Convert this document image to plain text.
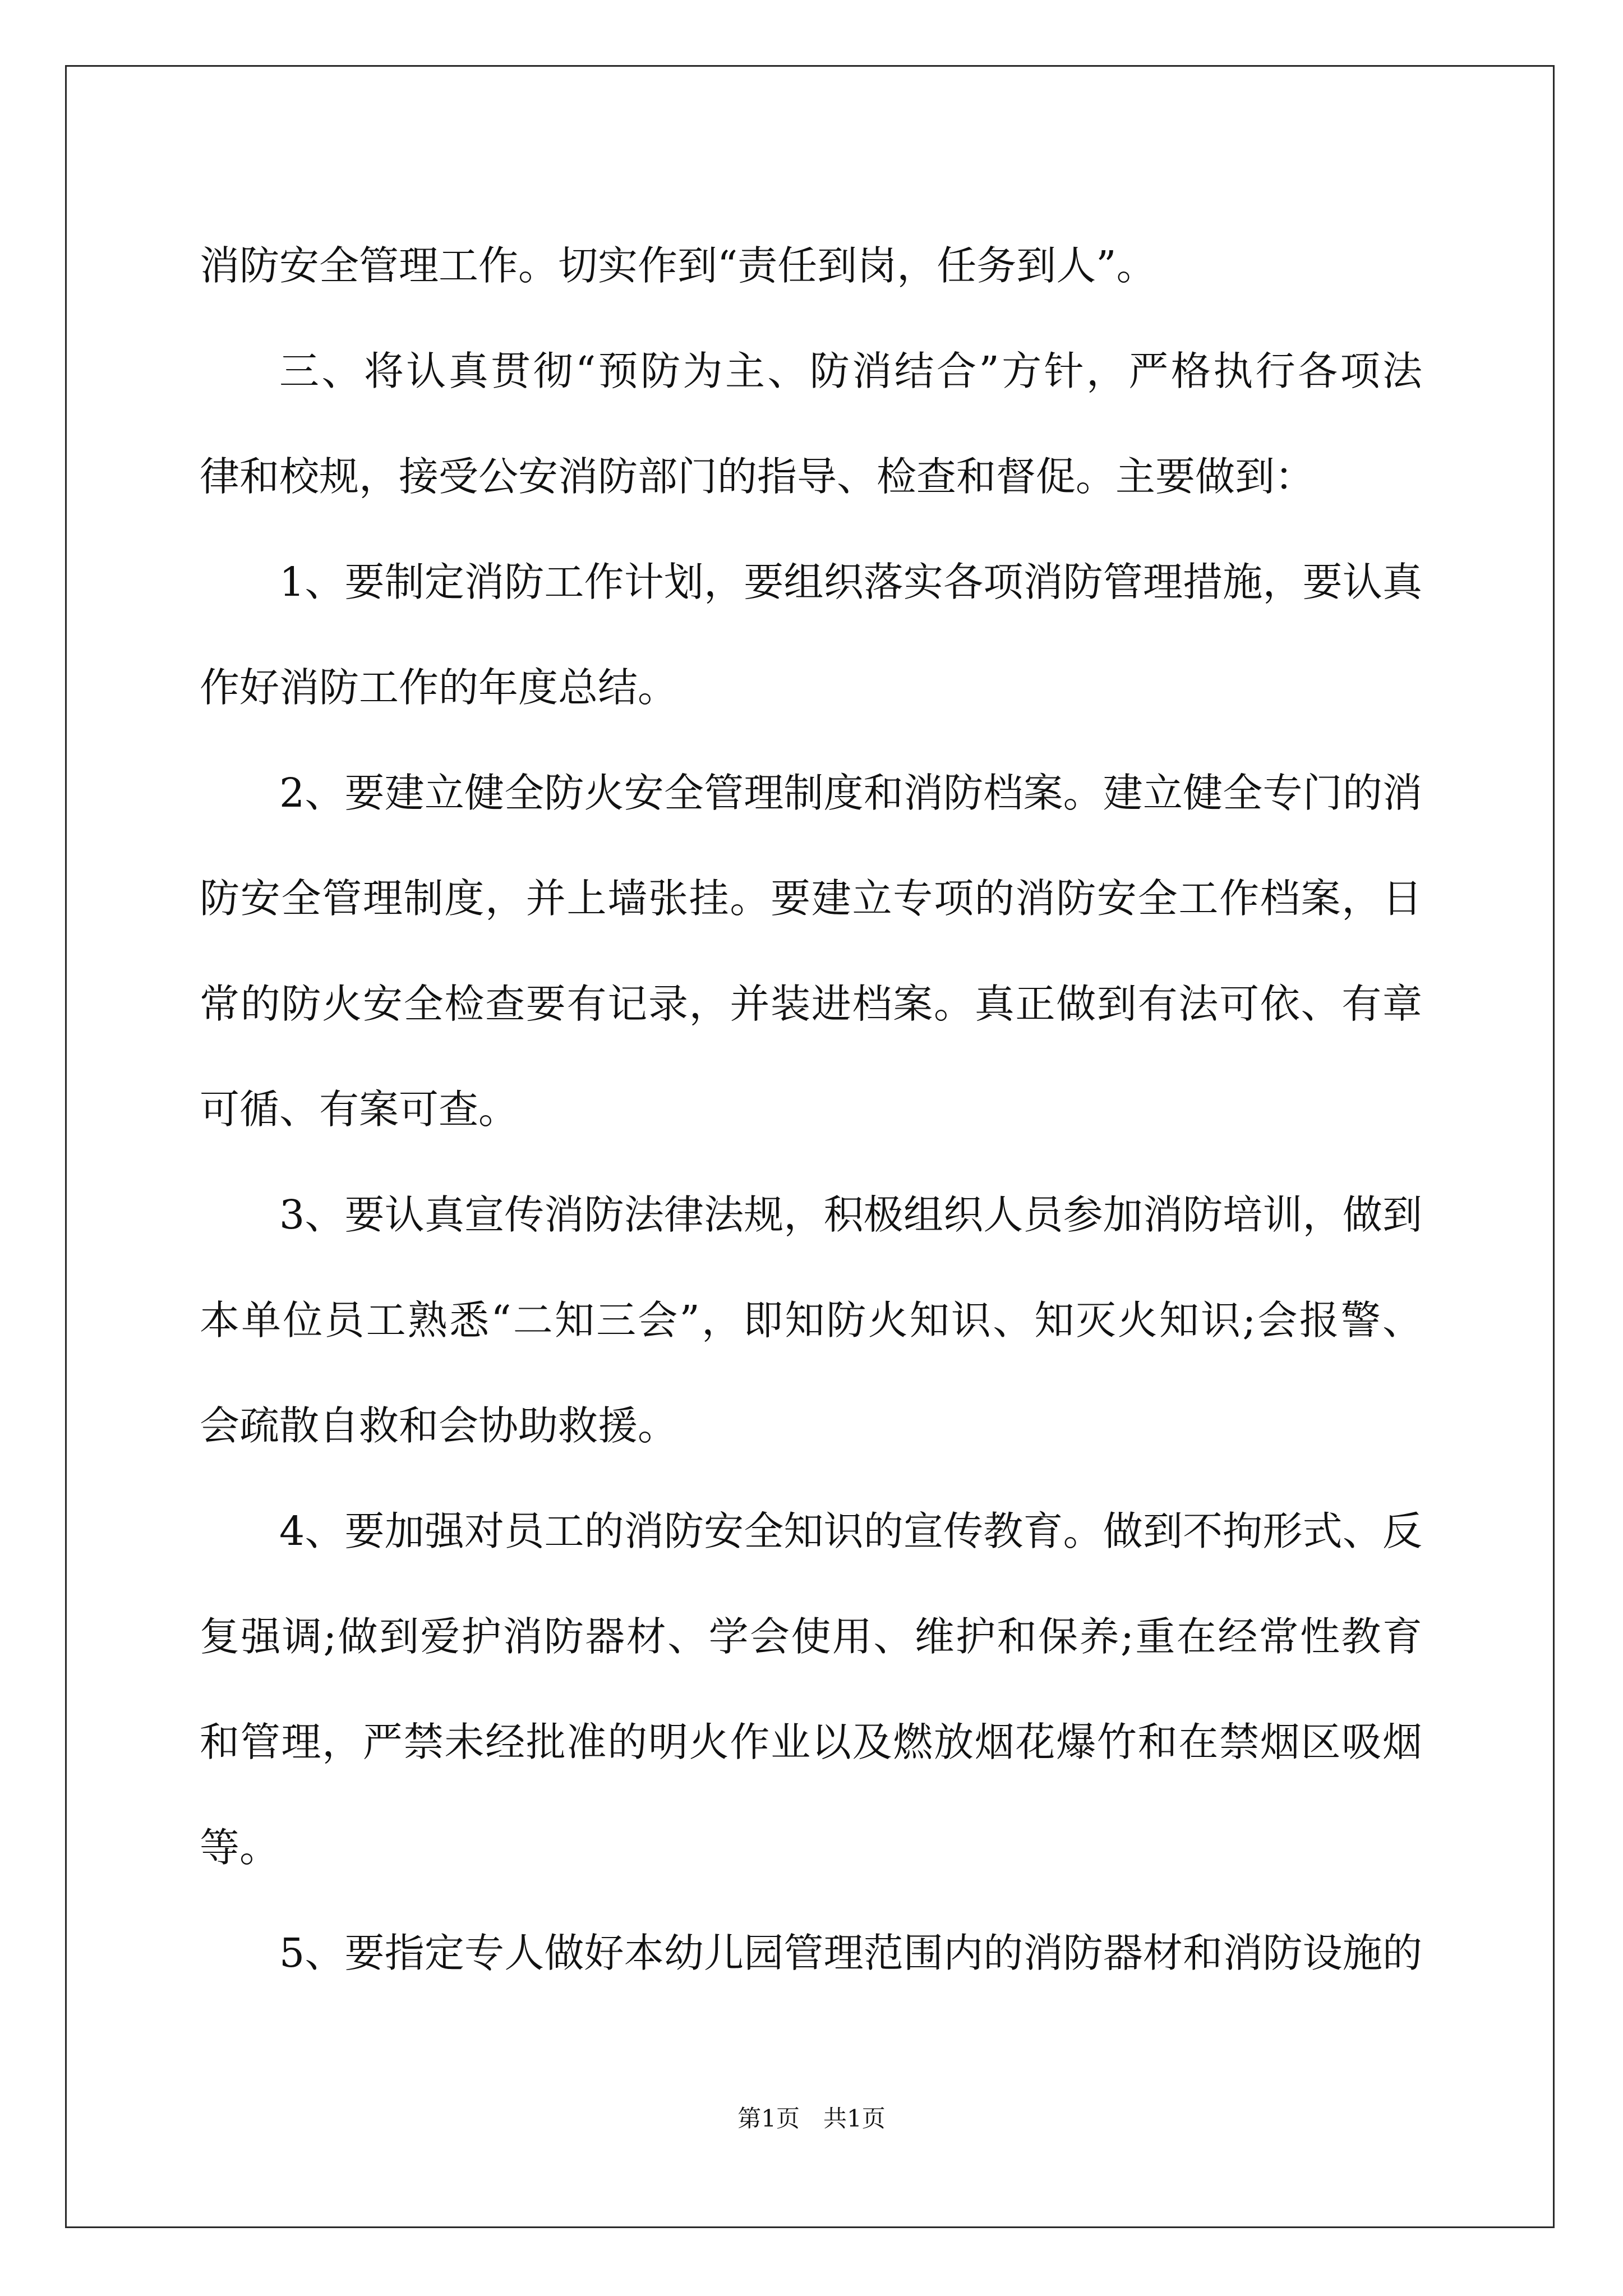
消防安全管理工作。切实作到“责任到岗，任务到人”。
三、将认真贯彻“预防为主、防消结合”方针，严格执行各项法
律和校规，接受公安消防部门的指导、检查和督促。主要做到：
1、要制定消防工作计划，要组织落实各项消防管理措施，要认真
作好消防工作的年度总结。
2、要建立健全防火安全管理制度和消防档案。建立健全专门的消
防安全管理制度，并上墙张挂。要建立专项的消防安全工作档案，日
常的防火安全检查要有记录，并装进档案。真正做到有法可依、有章
可循、有案可查。
3、要认真宣传消防法律法规，积极组织人员参加消防培训，做到
本单位员工熟悉“二知三会”，即知防火知识、知灭火知识;会报警、
会疏散自救和会协助救援。
4、要加强对员工的消防安全知识的宣传教育。做到不拘形式、反
复强调;做到爱护消防器材、学会使用、维护和保养;重在经常性教育
和管理，严禁未经批准的明火作业以及燃放烟花爆竹和在禁烟区吸烟
等。
5、要指定专人做好本幼儿园管理范围内的消防器材和消防设施的
第1页　共1页
